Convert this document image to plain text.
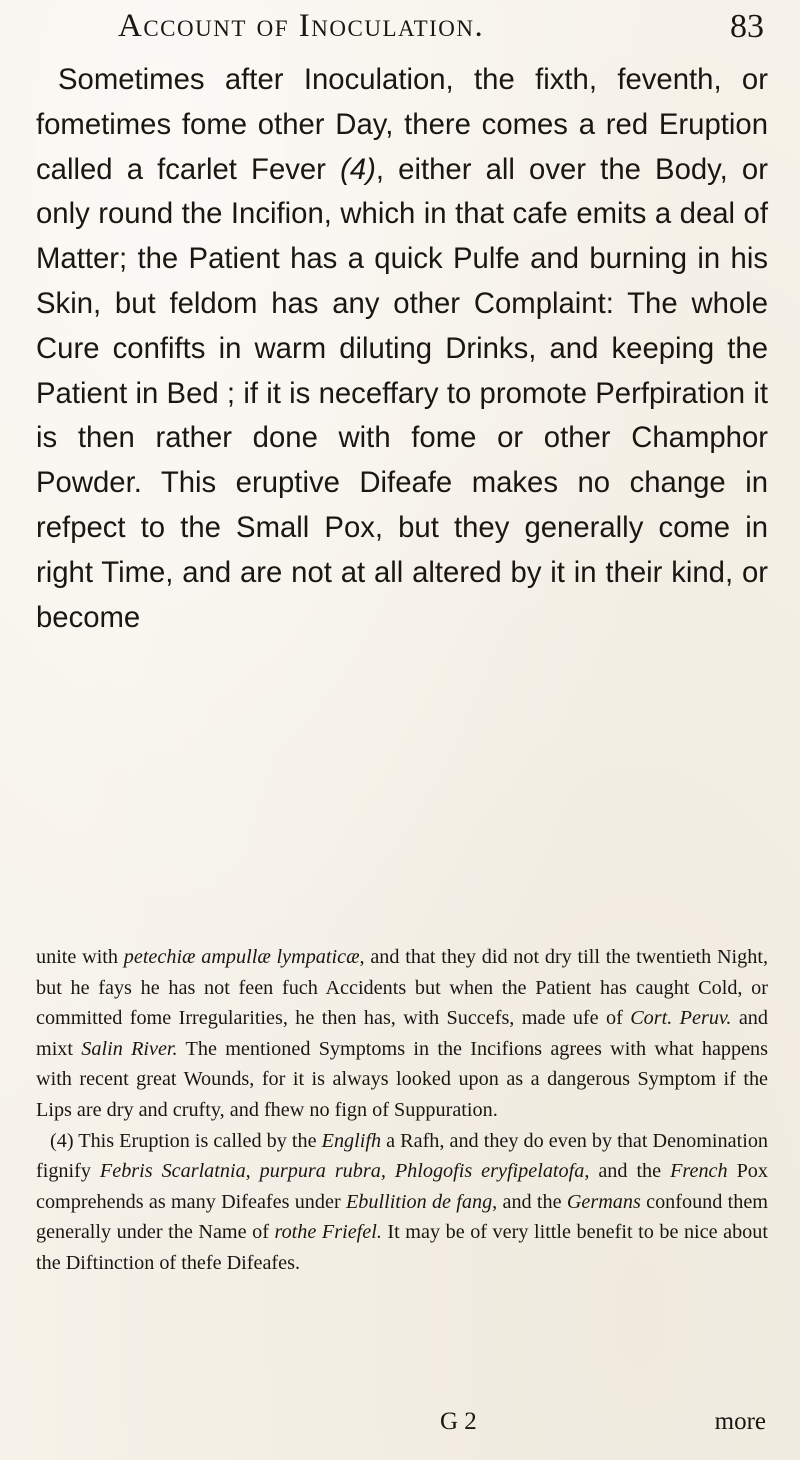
Account of Inoculation.	83

Sometimes after Inoculation, the fixth, feventh, or fometimes fome other Day, there comes a red Eruption called a fcarlet Fever (4), either all over the Body, or only round the Incifion, which in that cafe emits a deal of Matter; the Patient has a quick Pulfe and burning in his Skin, but feldom has any other Complaint: The whole Cure confifts in warm diluting Drinks, and keeping the Patient in Bed ; if it is neceffary to promote Perfpiration it is then rather done with fome or other Champhor Powder. This eruptive Difeafe makes no change in refpect to the Small Pox, but they generally come in right Time, and are not at all altered by it in their kind, or become

unite with petechiæ ampullæ lympaticæ, and that they did not dry till the twentieth Night, but he fays he has not feen fuch Accidents but when the Patient has caught Cold, or committed fome Irregularities, he then has, with Succefs, made ufe of Cort. Peruv. and mixt Salin River. The mentioned Symptoms in the Incifions agrees with what happens with recent great Wounds, for it is always looked upon as a dangerous Symptom if the Lips are dry and crufty, and fhew no fign of Suppuration.

(4) This Eruption is called by the Englifh a Rafh, and they do even by that Denomination fignify Febris Scarlatnia, purpura rubra, Phlogofis eryfipelatofa, and the French Pox comprehends as many Difeafes under Ebullition de fang, and the Germans confound them generally under the Name of rothe Friefel. It may be of very little benefit to be nice about the Diftinction of thefe Difeafes.

G 2	more
